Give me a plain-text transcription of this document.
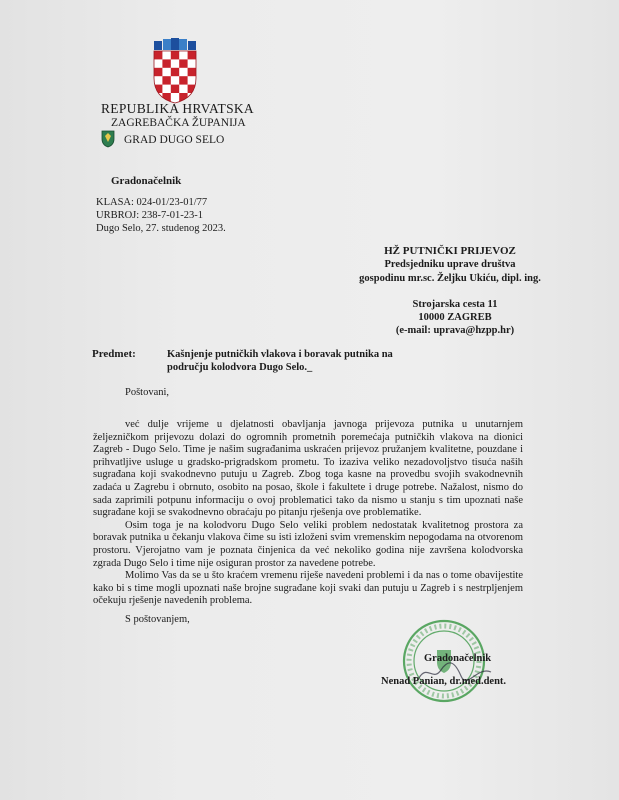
REPUBLIKA HRVATSKA
ZAGREBAČKA ŽUPANIJA
GRAD DUGO SELO
Gradonačelnik
KLASA: 024-01/23-01/77
URBROJ: 238-7-01-23-1
Dugo Selo, 27. studenog 2023.
HŽ PUTNIČKI PRIJEVOZ
Predsjedniku uprave društva
gospodinu mr.sc. Željku Ukiću, dipl. ing.
Strojarska cesta 11
10000 ZAGREB
(e-mail: uprava@hzpp.hr)
Predmet:	Kašnjenje putničkih vlakova i boravak putnika na
području kolodvora Dugo Selo._
Poštovani,

već dulje vrijeme u djelatnosti obavljanja javnoga prijevoza putnika u unutarnjem željezničkom prijevozu dolazi do ogromnih prometnih poremećaja putničkih vlakova na dionici Zagreb - Dugo Selo. Time je našim sugrađanima uskraćen prijevoz pružanjem kvalitetne, pouzdane i prihvatljive usluge u gradsko-prigradskom prometu. To izaziva veliko nezadovoljstvo tisuća naših sugrađana koji svakodnevno putuju u Zagreb. Zbog toga kasne na provedbu svojih svakodnevnih zadaća u Zagrebu i obrnuto, osobito na posao, škole i fakultete i druge potrebe. Nažalost, nismo do sada zaprimili potpunu informaciju o ovoj problematici tako da nismo u stanju s tim upoznati naše sugrađane koji se svakodnevno obraćaju po pitanju rješenja ove problematike.

Osim toga je na kolodvoru Dugo Selo veliki problem nedostatak kvalitetnog prostora za boravak putnika u čekanju vlakova čime su isti izloženi svim vremenskim nepogodama na otvorenom prostoru. Vjerojatno vam je poznata činjenica da već nekoliko godina nije završena kolodvorska zgrada Dugo Selo i time nije osiguran prostor za navedene potrebe.

Molimo Vas da se u što kraćem vremenu riješe navedeni problemi i da nas o tome obavijestite kako bi s time mogli upoznati naše brojne sugrađane koji svaki dan putuju u Zagreb i s nestrpljenjem očekuju rješenje navedenih problema.

S poštovanjem,
Gradonačelnik
Nenad Panian, dr.med.dent.
